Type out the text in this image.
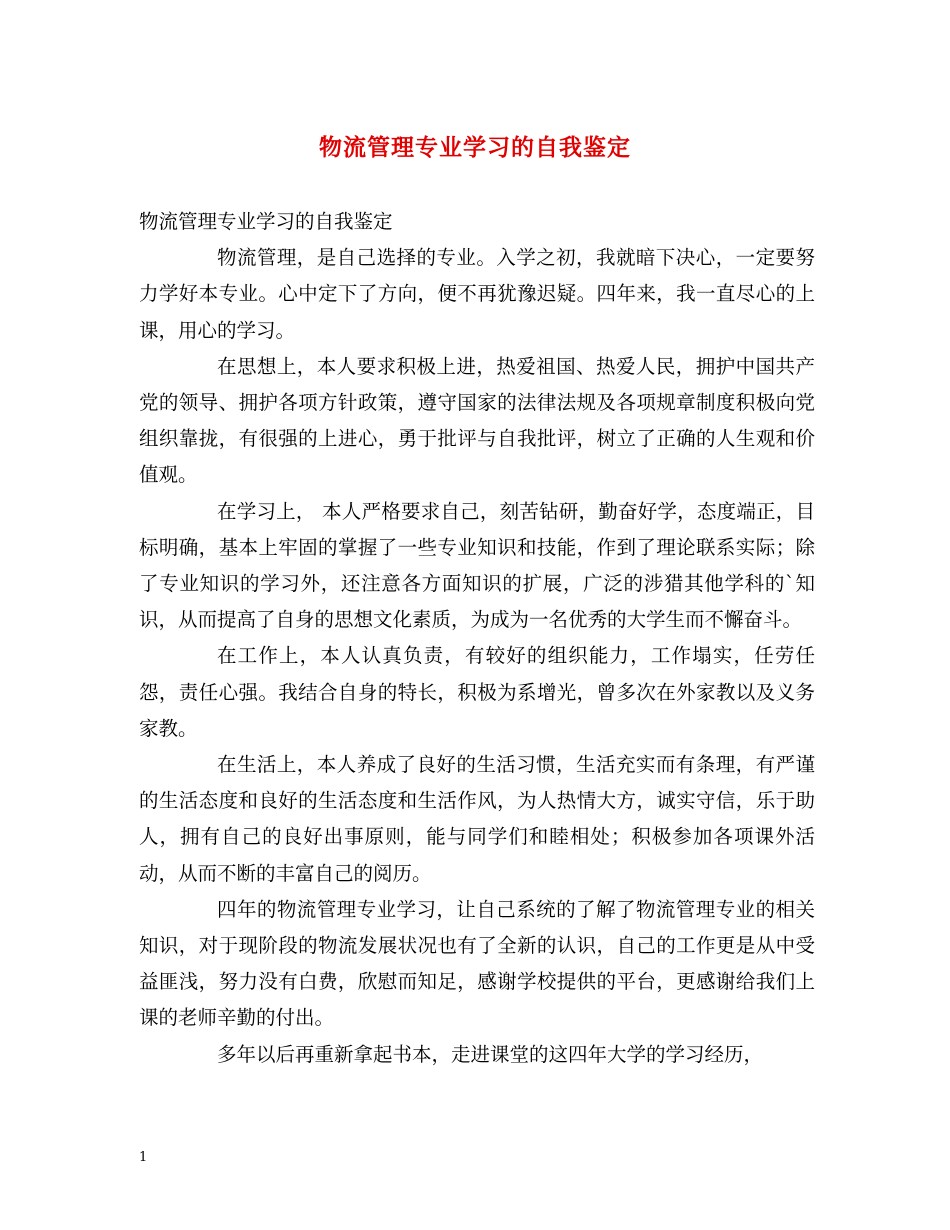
物流管理专业学习的自我鉴定

物流管理专业学习的自我鉴定

物流管理，是自己选择的专业。入学之初，我就暗下决心，一定要努力学好本专业。心中定下了方向，便不再犹豫迟疑。四年来，我一直尽心的上课，用心的学习。

在思想上，本人要求积极上进，热爱祖国、热爱人民，拥护中国共产党的领导、拥护各项方针政策，遵守国家的法律法规及各项规章制度积极向党组织靠拢，有很强的上进心，勇于批评与自我批评，树立了正确的人生观和价值观。

在学习上， 本人严格要求自己，刻苦钻研，勤奋好学，态度端正，目标明确，基本上牢固的掌握了一些专业知识和技能，作到了理论联系实际；除了专业知识的学习外，还注意各方面知识的扩展，广泛的涉猎其他学科的`知识，从而提高了自身的思想文化素质，为成为一名优秀的大学生而不懈奋斗。

在工作上，本人认真负责，有较好的组织能力，工作塌实，任劳任怨，责任心强。我结合自身的特长，积极为系增光，曾多次在外家教以及义务家教。

在生活上，本人养成了良好的生活习惯，生活充实而有条理，有严谨的生活态度和良好的生活态度和生活作风，为人热情大方，诚实守信，乐于助人，拥有自己的良好出事原则，能与同学们和睦相处；积极参加各项课外活动，从而不断的丰富自己的阅历。

四年的物流管理专业学习，让自己系统的了解了物流管理专业的相关知识，对于现阶段的物流发展状况也有了全新的认识，自己的工作更是从中受益匪浅，努力没有白费，欣慰而知足，感谢学校提供的平台，更感谢给我们上课的老师辛勤的付出。

多年以后再重新拿起书本，走进课堂的这四年大学的学习经历，

1
